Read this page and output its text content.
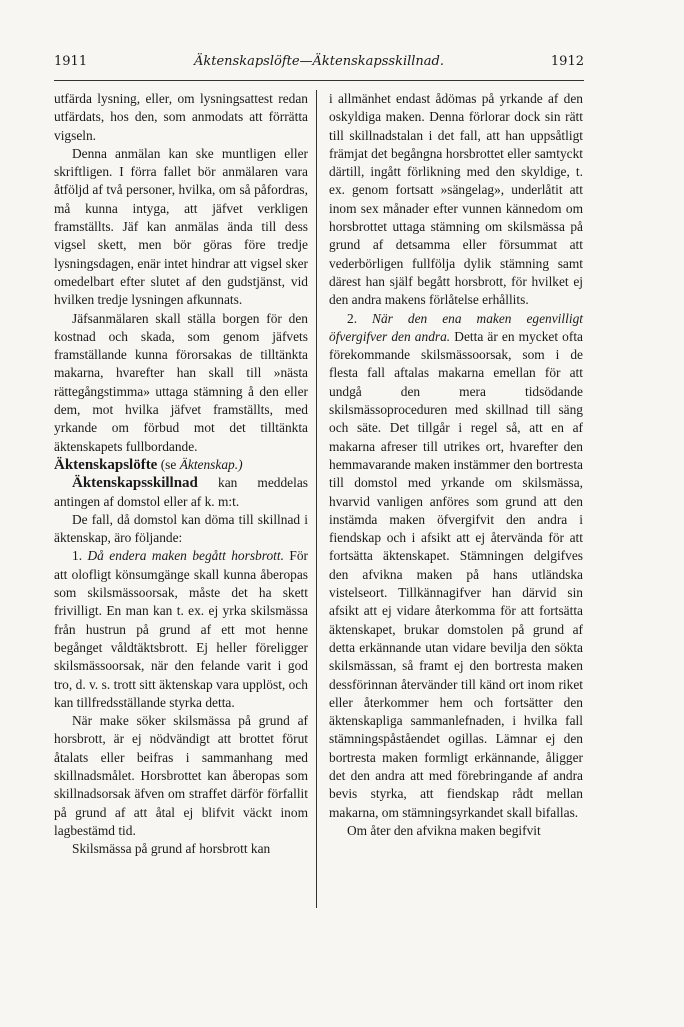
1911	Äktenskapslöfte—Äktenskapsskillnad.	1912

utfärda lysning, eller, om lysningsattest redan utfärdats, hos den, som anmodats att förrätta vigseln.

Denna anmälan kan ske muntligen eller skriftligen. I förra fallet bör anmälaren vara åtföljd af två personer, hvilka, om så påfordras, må kunna intyga, att jäfvet verkligen framställts. Jäf kan anmälas ända till dess vigsel skett, men bör göras före tredje lysningsdagen, enär intet hindrar att vigsel sker omedelbart efter slutet af den gudstjänst, vid hvilken tredje lysningen afkunnats.

Jäfsanmälaren skall ställa borgen för den kostnad och skada, som genom jäfvets framställande kunna förorsakas de tilltänkta makarna, hvarefter han skall till »nästa rättegångstimma» uttaga stämning å den eller dem, mot hvilka jäfvet framställts, med yrkande om förbud mot det tilltänkta äktenskapets fullbordande.

Äktenskapslöfte (se Äktenskap.)

Äktenskapsskillnad kan meddelas antingen af domstol eller af k. m:t.

De fall, då domstol kan döma till skillnad i äktenskap, äro följande:

1. Då endera maken begått horsbrott. För att olofligt könsumgänge skall kunna åberopas som skilsmässoorsak, måste det ha skett frivilligt. En man kan t. ex. ej yrka skilsmässa från hustrun på grund af ett mot henne begånget våldtäktsbrott. Ej heller föreligger skilsmässoorsak, när den felande varit i god tro, d. v. s. trott sitt äktenskap vara upplöst, och kan tillfredsställande styrka detta.

När make söker skilsmässa på grund af horsbrott, är ej nödvändigt att brottet förut åtalats eller beifras i sammanhang med skillnadsmålet. Horsbrottet kan åberopas som skillnadsorsak äfven om straffet därför förfallit på grund af att åtal ej blifvit väckt inom lagbestämd tid.

Skilsmässa på grund af horsbrott kan

i allmänhet endast ådömas på yrkande af den oskyldiga maken. Denna förlorar dock sin rätt till skillnadstalan i det fall, att han uppsåtligt främjat det begångna horsbrottet eller samtyckt därtill, ingått förlikning med den skyldige, t. ex. genom fortsatt »sängelag», underlåtit att inom sex månader efter vunnen kännedom om horsbrottet uttaga stämning om skilsmässa på grund af detsamma eller försummat att vederbörligen fullfölja dylik stämning samt därest han själf begått horsbrott, för hvilket ej den andra makens förlåtelse erhållits.

2. När den ena maken egenvilligt öfvergifver den andra. Detta är en mycket ofta förekommande skilsmässoorsak, som i de flesta fall aftalas makarna emellan för att undgå den mera tidsödande skilsmässoproceduren med skillnad till säng och säte. Det tillgår i regel så, att en af makarna afreser till utrikes ort, hvarefter den hemmavarande maken instämmer den bortresta till domstol med yrkande om skilsmässa, hvarvid vanligen anföres som grund att den instämda maken öfvergifvit den andra i fiendskap och i afsikt att ej återvända för att fortsätta äktenskapet. Stämningen delgifves den afvikna maken på hans utländska vistelseort. Tillkännagifver han därvid sin afsikt att ej vidare återkomma för att fortsätta äktenskapet, brukar domstolen på grund af detta erkännande utan vidare bevilja den sökta skilsmässan, så framt ej den bortresta maken dessförinnan återvänder till känd ort inom riket eller återkommer hem och fortsätter den äktenskapliga sammanlefnaden, i hvilka fall stämningspåståendet ogillas. Lämnar ej den bortresta maken formligt erkännande, åligger det den andra att med förebringande af andra bevis styrka, att fiendskap rådt mellan makarna, om stämningsyrkandet skall bifallas.

Om åter den afvikna maken begifvit
